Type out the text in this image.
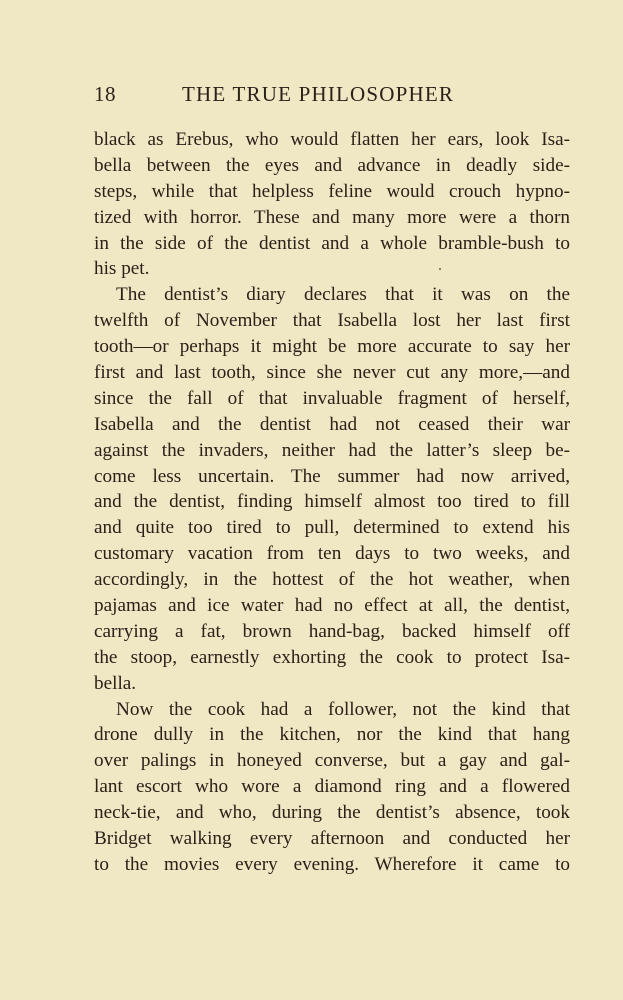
18	THE TRUE PHILOSOPHER
black as Erebus, who would flatten her ears, look Isa-
bella between the eyes and advance in deadly side-
steps, while that helpless feline would crouch hypno-
tized with horror. These and many more were a thorn
in the side of the dentist and a whole bramble-bush to
his pet.
The dentist’s diary declares that it was on the
twelfth of November that Isabella lost her last first
tooth—or perhaps it might be more accurate to say her
first and last tooth, since she never cut any more,—and
since the fall of that invaluable fragment of herself,
Isabella and the dentist had not ceased their war
against the invaders, neither had the latter’s sleep be-
come less uncertain. The summer had now arrived,
and the dentist, finding himself almost too tired to fill
and quite too tired to pull, determined to extend his
customary vacation from ten days to two weeks, and
accordingly, in the hottest of the hot weather, when
pajamas and ice water had no effect at all, the dentist,
carrying a fat, brown hand-bag, backed himself off
the stoop, earnestly exhorting the cook to protect Isa-
bella.
Now the cook had a follower, not the kind that
drone dully in the kitchen, nor the kind that hang
over palings in honeyed converse, but a gay and gal-
lant escort who wore a diamond ring and a flowered
neck-tie, and who, during the dentist’s absence, took
Bridget walking every afternoon and conducted her
to the movies every evening. Wherefore it came to
